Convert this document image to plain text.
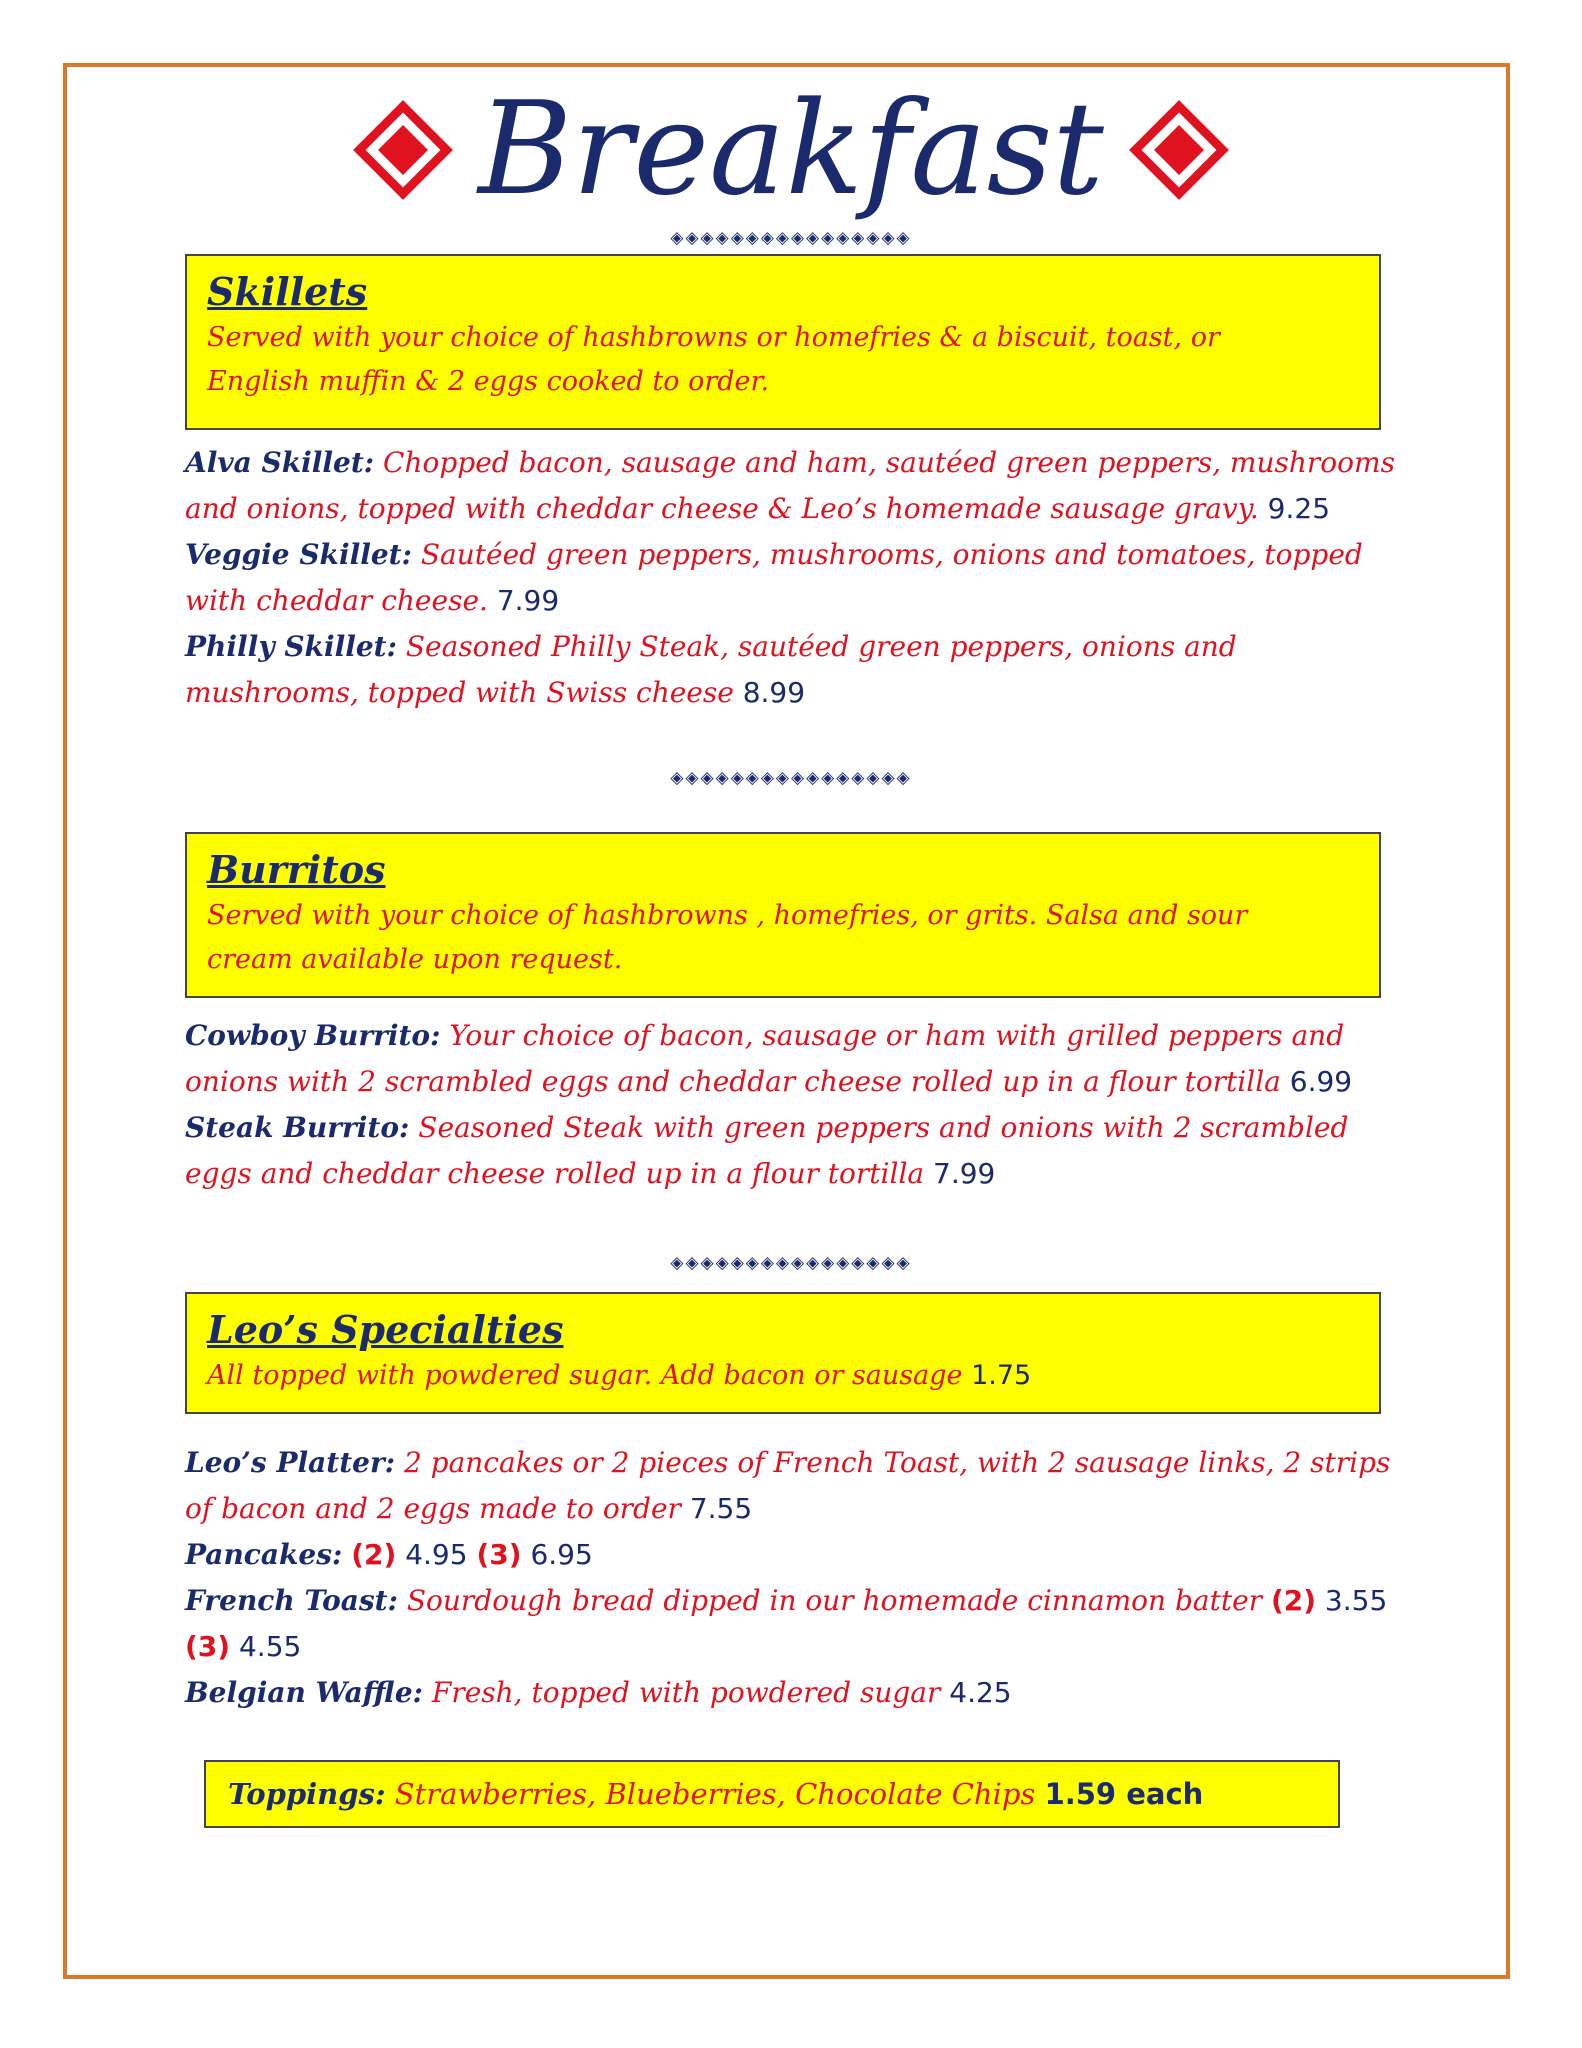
Breakfast
◈◈◈◈◈◈◈◈◈◈◈◈◈◈◈◈
Skillets
Served with your choice of hashbrowns or homefries & a biscuit, toast, or
English muffin & 2 eggs cooked to order.

Alva Skillet: Chopped bacon, sausage and ham, sautéed green peppers, mushrooms and onions, topped with cheddar cheese & Leo’s homemade sausage gravy. 9.25

Veggie Skillet: Sautéed green peppers, mushrooms, onions and tomatoes, topped with cheddar cheese. 7.99

Philly Skillet: Seasoned Philly Steak, sautéed green peppers, onions and mushrooms, topped with Swiss cheese 8.99

◈◈◈◈◈◈◈◈◈◈◈◈◈◈◈◈
Burritos
Served with your choice of hashbrowns , homefries, or grits. Salsa and sour
cream available upon request.

Cowboy Burrito: Your choice of bacon, sausage or ham with grilled peppers and onions with 2 scrambled eggs and cheddar cheese rolled up in a flour tortilla 6.99

Steak Burrito: Seasoned Steak with green peppers and onions with 2 scrambled eggs and cheddar cheese rolled up in a flour tortilla 7.99

◈◈◈◈◈◈◈◈◈◈◈◈◈◈◈◈
Leo’s Specialties
All topped with powdered sugar. Add bacon or sausage 1.75

Leo’s Platter: 2 pancakes or 2 pieces of French Toast, with 2 sausage links, 2 strips of bacon and 2 eggs made to order 7.55

Pancakes: (2) 4.95 (3) 6.95

French Toast: Sourdough bread dipped in our homemade cinnamon batter (2) 3.55 (3) 4.55

Belgian Waffle: Fresh, topped with powdered sugar 4.25

Toppings: Strawberries, Blueberries, Chocolate Chips 1.59 each
